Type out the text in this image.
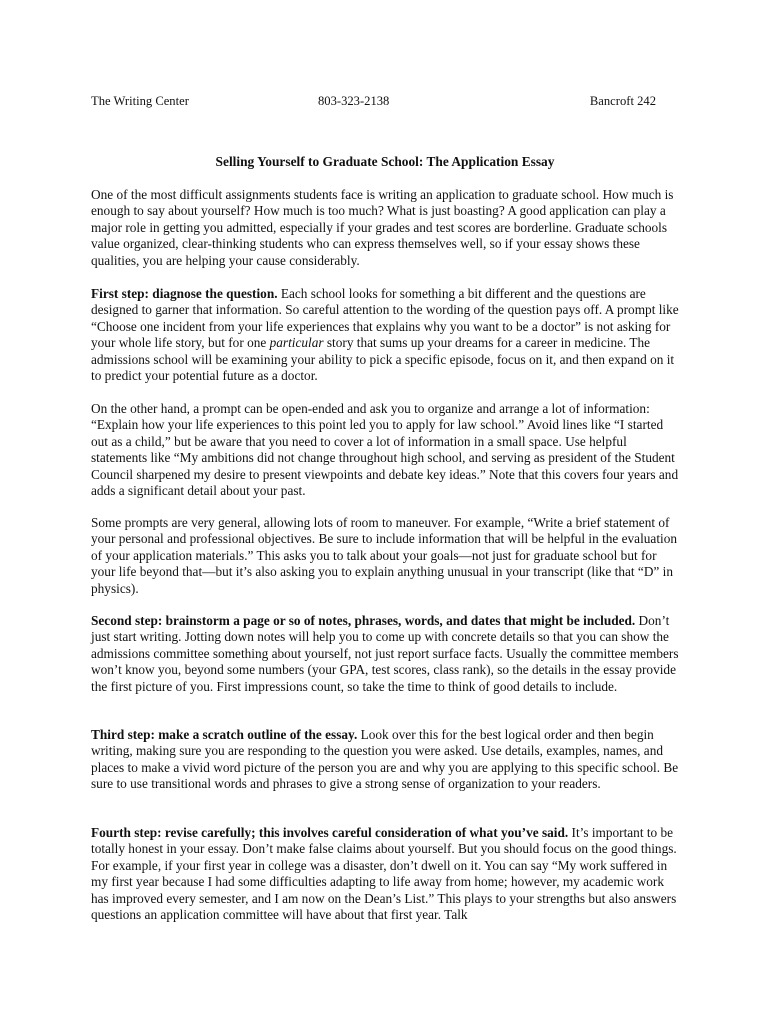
The Writing Center	803-323-2138	Bancroft 242
Selling Yourself to Graduate School: The Application Essay

One of the most difficult assignments students face is writing an application to graduate school. How much is enough to say about yourself? How much is too much? What is just boasting? A good application can play a major role in getting you admitted, especially if your grades and test scores are borderline. Graduate schools value organized, clear-thinking students who can express themselves well, so if your essay shows these qualities, you are helping your cause considerably.

First step: diagnose the question. Each school looks for something a bit different and the questions are designed to garner that information. So careful attention to the wording of the question pays off. A prompt like “Choose one incident from your life experiences that explains why you want to be a doctor” is not asking for your whole life story, but for one particular story that sums up your dreams for a career in medicine. The admissions school will be examining your ability to pick a specific episode, focus on it, and then expand on it to predict your potential future as a doctor.

On the other hand, a prompt can be open-ended and ask you to organize and arrange a lot of information: “Explain how your life experiences to this point led you to apply for law school.” Avoid lines like “I started out as a child,” but be aware that you need to cover a lot of information in a small space. Use helpful statements like “My ambitions did not change throughout high school, and serving as president of the Student Council sharpened my desire to present viewpoints and debate key ideas.” Note that this covers four years and adds a significant detail about your past.

Some prompts are very general, allowing lots of room to maneuver. For example, “Write a brief statement of your personal and professional objectives. Be sure to include information that will be helpful in the evaluation of your application materials.” This asks you to talk about your goals—not just for graduate school but for your life beyond that—but it’s also asking you to explain anything unusual in your transcript (like that “D” in physics).

Second step: brainstorm a page or so of notes, phrases, words, and dates that might be included. Don’t just start writing. Jotting down notes will help you to come up with concrete details so that you can show the admissions committee something about yourself, not just report surface facts. Usually the committee members won’t know you, beyond some numbers (your GPA, test scores, class rank), so the details in the essay provide the first picture of you. First impressions count, so take the time to think of good details to include.

Third step: make a scratch outline of the essay. Look over this for the best logical order and then begin writing, making sure you are responding to the question you were asked. Use details, examples, names, and places to make a vivid word picture of the person you are and why you are applying to this specific school. Be sure to use transitional words and phrases to give a strong sense of organization to your readers.

Fourth step: revise carefully; this involves careful consideration of what you’ve said. It’s important to be totally honest in your essay. Don’t make false claims about yourself. But you should focus on the good things. For example, if your first year in college was a disaster, don’t dwell on it. You can say “My work suffered in my first year because I had some difficulties adapting to life away from home; however, my academic work has improved every semester, and I am now on the Dean’s List.” This plays to your strengths but also answers questions an application committee will have about that first year. Talk
